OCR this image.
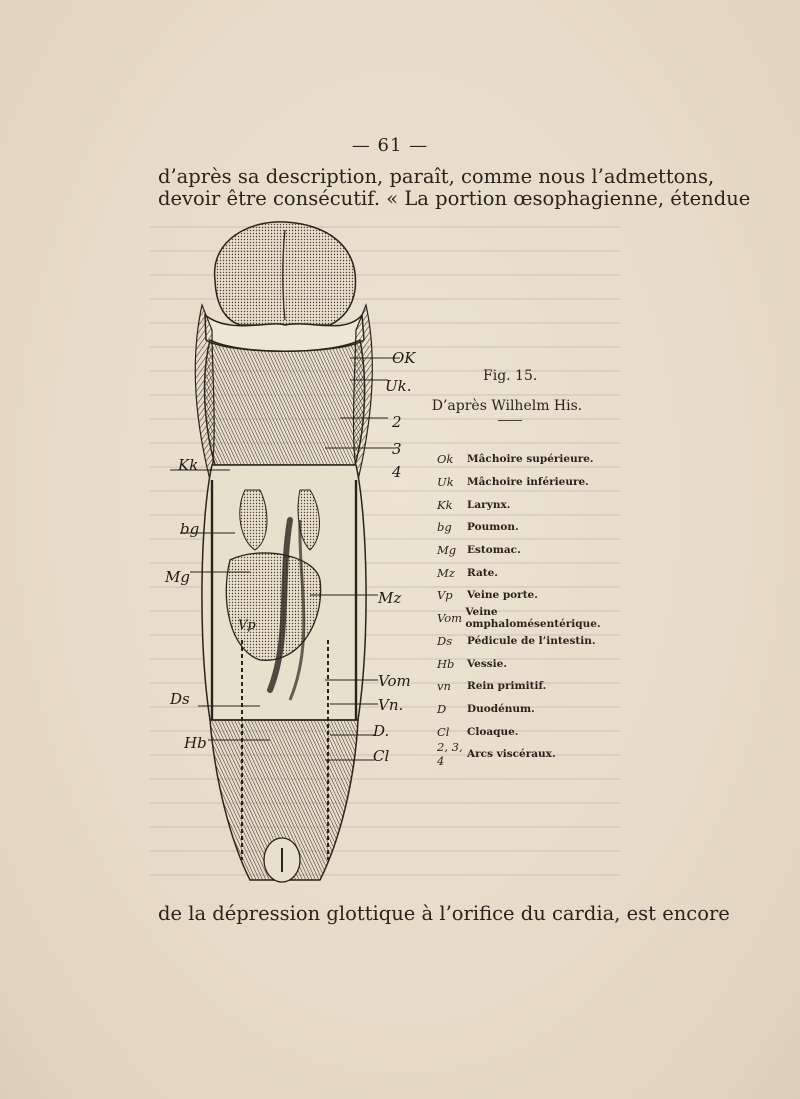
— 61 —
d’après sa description, paraît, comme nous l’admettons,
devoir être consécutif. « La portion œsophagienne, étendue
OK
Uk.
2
3
4
Kk
bg
Mg
Mz
Vp
Vom
Vn.
Ds
D.
Hb
Cl
Fig. 15.
D’après Wilhelm His.
Ok	Mâchoire supérieure.
Uk	Mâchoire inférieure.
Kk	Larynx.
bg	Poumon.
Mg	Estomac.
Mz	Rate.
Vp	Veine porte.
Vom Veine omphalomésentérique.
Ds	Pédicule de l’intestin.
Hb	Vessie.
vn	Rein primitif.
D	Duodénum.
Cl	Cloaque.
2, 3, 4	Arcs viscéraux.
de la dépression glottique à l’orifice du cardia, est encore
